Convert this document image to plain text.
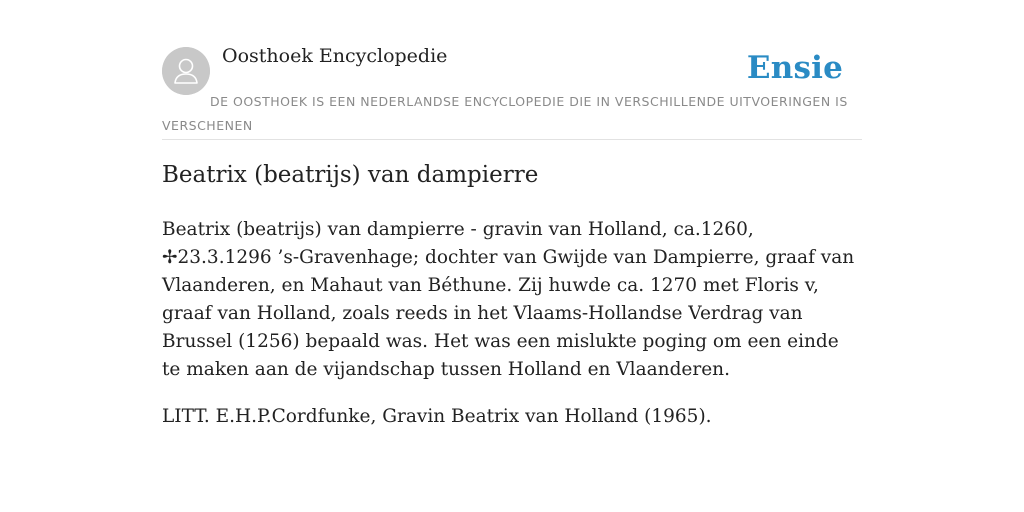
Oosthoek Encyclopedie	Ensie
DE OOSTHOEK IS EEN NEDERLANDSE ENCYCLOPEDIE DIE IN VERSCHILLENDE UITVOERINGEN IS VERSCHENEN
Beatrix (beatrijs) van dampierre

Beatrix (beatrijs) van dampierre - gravin van Holland, ca.1260, ✢23.3.1296 ’s-Gravenhage; dochter van Gwijde van Dampierre, graaf van Vlaanderen, en Mahaut van Béthune. Zij huwde ca. 1270 met Floris v, graaf van Holland, zoals reeds in het Vlaams-Hollandse Verdrag van Brussel (1256) bepaald was. Het was een mislukte poging om een einde te maken aan de vijandschap tussen Holland en Vlaanderen.

LITT. E.H.P.Cordfunke, Gravin Beatrix van Holland (1965).
